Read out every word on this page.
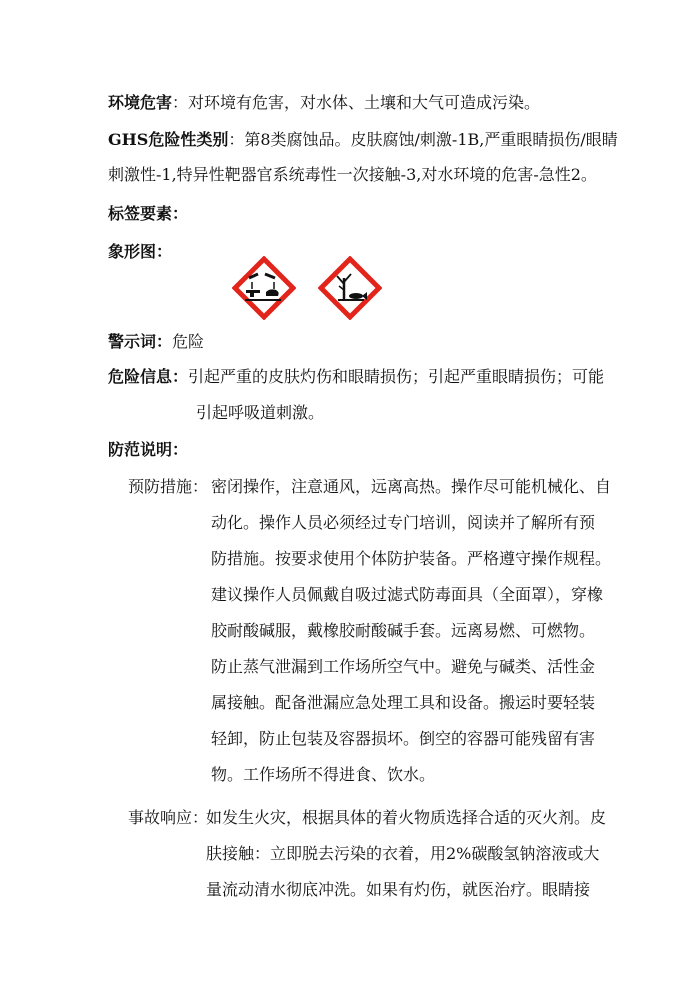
环境危害：对环境有危害，对水体、土壤和大气可造成污染。
GHS危险性类别：第8类腐蚀品。皮肤腐蚀/刺激-1B,严重眼睛损伤/眼睛
刺激性-1,特异性靶器官系统毒性一次接触-3,对水环境的危害-急性2。
标签要素：
象形图：
警示词：危险
危险信息：引起严重的皮肤灼伤和眼睛损伤；引起严重眼睛损伤；可能
引起呼吸道刺激。
防范说明：
预防措施： 密闭操作，注意通风，远离高热。操作尽可能机械化、自
动化。操作人员必须经过专门培训，阅读并了解所有预
防措施。按要求使用个体防护装备。严格遵守操作规程。
建议操作人员佩戴自吸过滤式防毒面具（全面罩），穿橡
胶耐酸碱服，戴橡胶耐酸碱手套。远离易燃、可燃物。
防止蒸气泄漏到工作场所空气中。避免与碱类、活性金
属接触。配备泄漏应急处理工具和设备。搬运时要轻装
轻卸，防止包装及容器损坏。倒空的容器可能残留有害
物。工作场所不得进食、饮水。
事故响应：
如发生火灾，根据具体的着火物质选择合适的灭火剂。皮
肤接触：立即脱去污染的衣着，用2%碳酸氢钠溶液或大
量流动清水彻底冲洗。如果有灼伤，就医治疗。眼睛接
